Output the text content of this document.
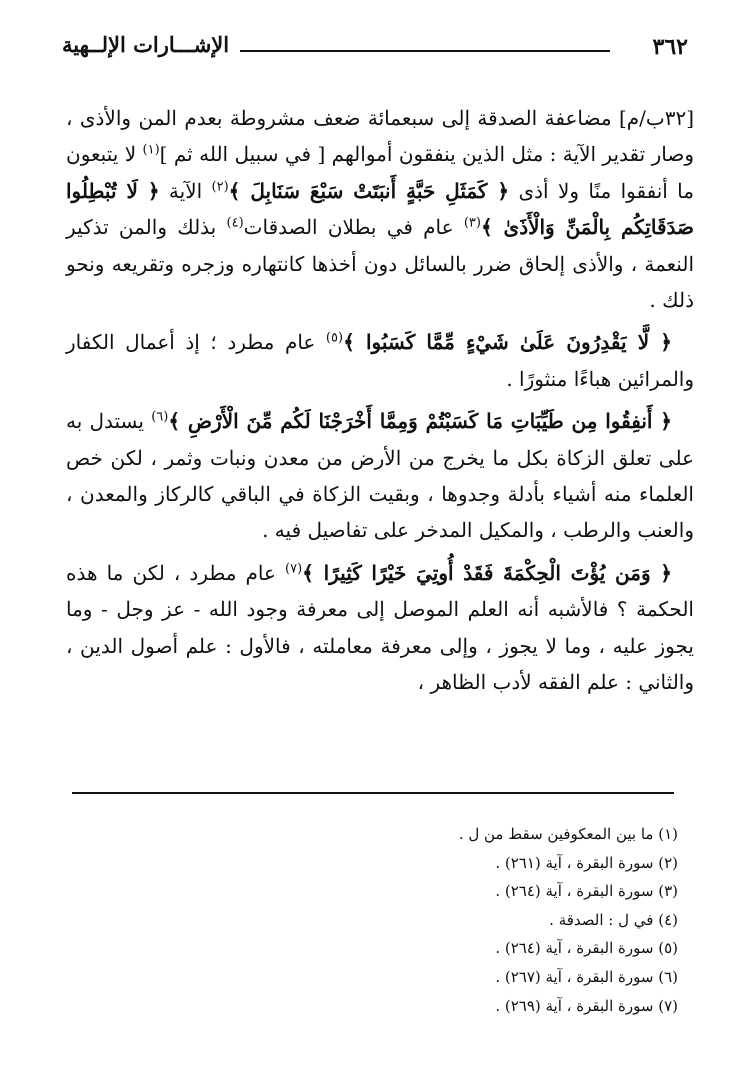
٣٦٢
الإشـــارات الإلــهية

[٣٢ب/م] مضاعفة الصدقة إلى سبعمائة ضعف مشروطة بعدم المن والأذى ، وصار تقدير الآية : مثل الذين ينفقون أموالهم [ في سبيل الله ثم ]$^{(١)}$ لا يتبعون ما أنفقوا منًا ولا أذى ﴿ كَمَثَلِ حَبَّةٍ أَنبَتَتْ سَبْعَ سَنَابِلَ ﴾$^{(٢)}$ الآية ﴿ لَا تُبْطِلُوا صَدَقَاتِكُم بِالْمَنِّ وَالْأَذَىٰ ﴾$^{(٣)}$ عام في بطلان الصدقات$^{(٤)}$ بذلك والمن تذكير النعمة ، والأذى إلحاق ضرر بالسائل دون أخذها كانتهاره وزجره وتقريعه ونحو ذلك .

﴿ لَّا يَقْدِرُونَ عَلَىٰ شَيْءٍ مِّمَّا كَسَبُوا ﴾$^{(٥)}$ عام مطرد ؛ إذ أعمال الكفار والمرائين هباءًا منثورًا .

﴿ أَنفِقُوا مِن طَيِّبَاتِ مَا كَسَبْتُمْ وَمِمَّا أَخْرَجْنَا لَكُم مِّنَ الْأَرْضِ ﴾$^{(٦)}$ يستدل به على تعلق الزكاة بكل ما يخرج من الأرض من معدن ونبات وثمر ، لكن خص العلماء منه أشياء بأدلة وجدوها ، وبقيت الزكاة في الباقي كالركاز والمعدن ، والعنب والرطب ، والمكيل المدخر على تفاصيل فيه .

﴿ وَمَن يُؤْتَ الْحِكْمَةَ فَقَدْ أُوتِيَ خَيْرًا كَثِيرًا ﴾$^{(٧)}$ عام مطرد ، لكن ما هذه الحكمة ؟ فالأشبه أنه العلم الموصل إلى معرفة وجود الله - عز وجل - وما يجوز عليه ، وما لا يجوز ، وإلى معرفة معاملته ، فالأول : علم أصول الدين ، والثاني : علم الفقه لأدب الظاهر ،

(١) ما بين المعكوفين سقط من ل .
(٢) سورة البقرة ، آية (٢٦١) .
(٣) سورة البقرة ، آية (٢٦٤) .
(٤) في ل : الصدقة .
(٥) سورة البقرة ، آية (٢٦٤) .
(٦) سورة البقرة ، آية (٢٦٧) .
(٧) سورة البقرة ، آية (٢٦٩) .
